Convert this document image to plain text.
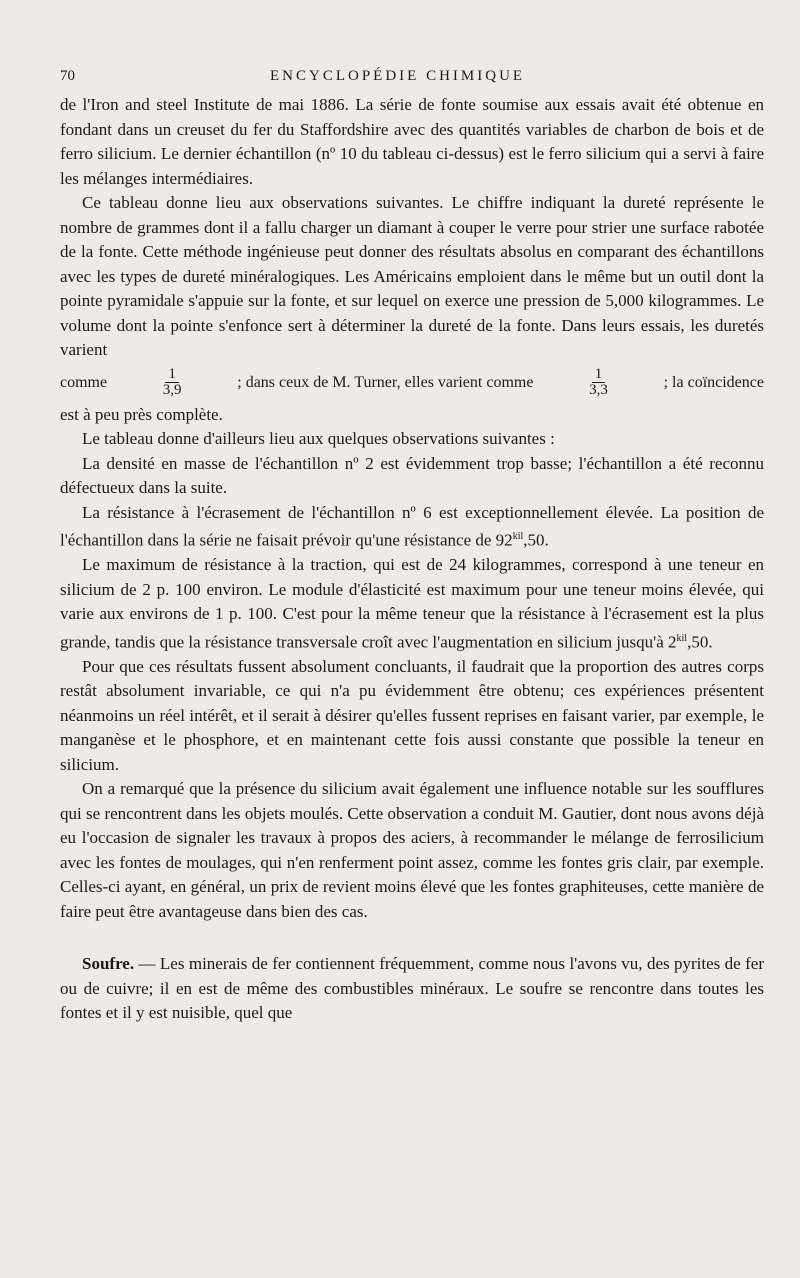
70	ENCYCLOPÉDIE CHIMIQUE

de l'Iron and steel Institute de mai 1886. La série de fonte soumise aux essais avait été obtenue en fondant dans un creuset du fer du Staffordshire avec des quantités variables de charbon de bois et de ferro silicium. Le dernier échantillon (nº 10 du tableau ci-dessus) est le ferro silicium qui a servi à faire les mélanges intermédiaires.

Ce tableau donne lieu aux observations suivantes. Le chiffre indiquant la dureté représente le nombre de grammes dont il a fallu charger un diamant à couper le verre pour strier une surface rabotée de la fonte. Cette méthode ingénieuse peut donner des résultats absolus en comparant des échantillons avec les types de dureté minéralogiques. Les Américains emploient dans le même but un outil dont la pointe pyramidale s'appuie sur la fonte, et sur lequel on exerce une pression de 5,000 kilogrammes. Le volume dont la pointe s'enfonce sert à déterminer la dureté de la fonte. Dans leurs essais, les duretés varient

comme	$\frac{1}{3,9}$	; dans ceux de M. Turner, elles varient comme	$\frac{1}{3,3}$	; la coïncidence

est à peu près complète.

Le tableau donne d'ailleurs lieu aux quelques observations suivantes :

La densité en masse de l'échantillon nº 2 est évidemment trop basse; l'échantillon a été reconnu défectueux dans la suite.

La résistance à l'écrasement de l'échantillon nº 6 est exceptionnellement élevée. La position de l'échantillon dans la série ne faisait prévoir qu'une résistance de $92^{kil},50$.

Le maximum de résistance à la traction, qui est de 24 kilogrammes, correspond à une teneur en silicium de 2 p. 100 environ. Le module d'élasticité est maximum pour une teneur moins élevée, qui varie aux environs de 1 p. 100. C'est pour la même teneur que la résistance à l'écrasement est la plus grande, tandis que la résistance transversale croît avec l'augmentation en silicium jusqu'à $2^{kil},50$.

Pour que ces résultats fussent absolument concluants, il faudrait que la proportion des autres corps restât absolument invariable, ce qui n'a pu évidemment être obtenu; ces expériences présentent néanmoins un réel intérêt, et il serait à désirer qu'elles fussent reprises en faisant varier, par exemple, le manganèse et le phosphore, et en maintenant cette fois aussi constante que possible la teneur en silicium.

On a remarqué que la présence du silicium avait également une influence notable sur les soufflures qui se rencontrent dans les objets moulés. Cette observation a conduit M. Gautier, dont nous avons déjà eu l'occasion de signaler les travaux à propos des aciers, à recommander le mélange de ferrosilicium avec les fontes de moulages, qui n'en renferment point assez, comme les fontes gris clair, par exemple. Celles-ci ayant, en général, un prix de revient moins élevé que les fontes graphiteuses, cette manière de faire peut être avantageuse dans bien des cas.

Soufre. — Les minerais de fer contiennent fréquemment, comme nous l'avons vu, des pyrites de fer ou de cuivre; il en est de même des combustibles minéraux. Le soufre se rencontre dans toutes les fontes et il y est nuisible, quel que
